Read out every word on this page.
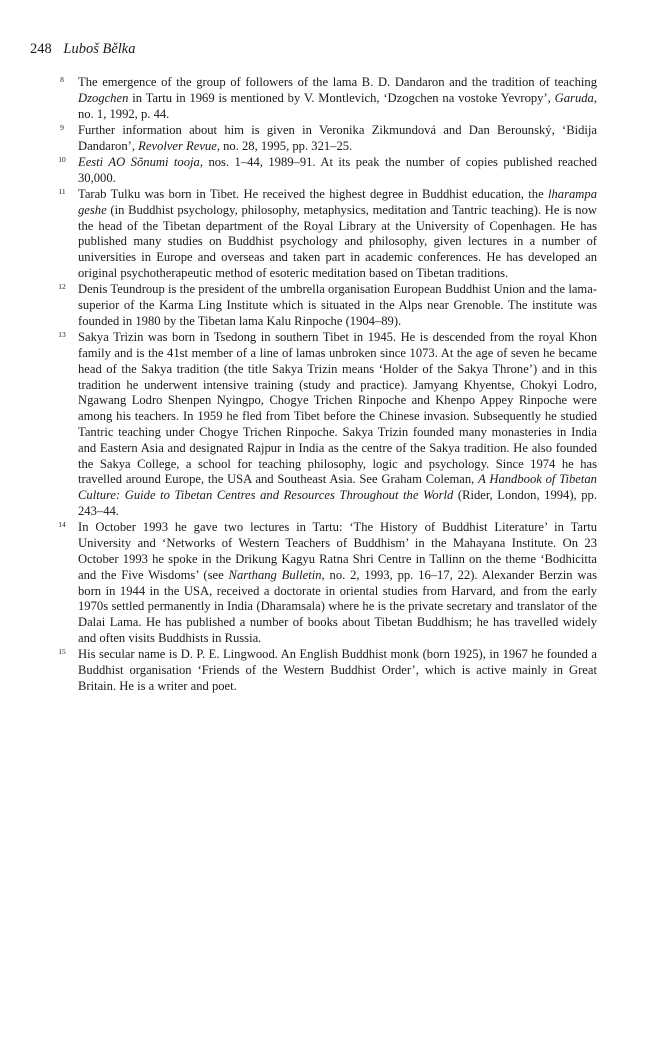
248 Luboš Bělka
8	The emergence of the group of followers of the lama B. D. Dandaron and the tradition of teaching Dzogchen in Tartu in 1969 is mentioned by V. Montlevich, ‘Dzogchen na vostoke Yevropy’, Garuda, no. 1, 1992, p. 44.
9	Further information about him is given in Veronika Zikmundová and Dan Berounský, ‘Bidija Dandaron’, Revolver Revue, no. 28, 1995, pp. 321–25.
10 Eesti AO Sõnumi tooja, nos. 1–44, 1989–91. At its peak the number of copies published reached 30,000.
11 Tarab Tulku was born in Tibet. He received the highest degree in Buddhist education, the lharampa geshe (in Buddhist psychology, philosophy, metaphysics, meditation and Tantric teaching). He is now the head of the Tibetan department of the Royal Library at the University of Copenhagen. He has published many studies on Buddhist psychology and philosophy, given lectures in a number of universities in Europe and overseas and taken part in academic conferences. He has developed an original psychotherapeutic method of esoteric meditation based on Tibetan traditions.
12 Denis Teundroup is the president of the umbrella organisation European Buddhist Union and the lama-superior of the Karma Ling Institute which is situated in the Alps near Grenoble. The institute was founded in 1980 by the Tibetan lama Kalu Rinpoche (1904–89).
13 Sakya Trizin was born in Tsedong in southern Tibet in 1945. He is descended from the royal Khon family and is the 41st member of a line of lamas unbroken since 1073. At the age of seven he became head of the Sakya tradition (the title Sakya Trizin means ‘Holder of the Sakya Throne’) and in this tradition he underwent intensive training (study and practice). Jamyang Khyentse, Chokyi Lodro, Ngawang Lodro Shenpen Nyingpo, Chogye Trichen Rinpoche and Khenpo Appey Rinpoche were among his teachers. In 1959 he fled from Tibet before the Chinese invasion. Subsequently he studied Tantric teaching under Chogye Trichen Rinpoche. Sakya Trizin founded many monasteries in India and Eastern Asia and designated Rajpur in India as the centre of the Sakya tradition. He also founded the Sakya College, a school for teaching philosophy, logic and psychology. Since 1974 he has travelled around Europe, the USA and Southeast Asia. See Graham Coleman, A Handbook of Tibetan Culture: Guide to Tibetan Centres and Resources Throughout the World (Rider, London, 1994), pp. 243–44.
14 In October 1993 he gave two lectures in Tartu: ‘The History of Buddhist Literature’ in Tartu University and ‘Networks of Western Teachers of Buddhism’ in the Mahayana Institute. On 23 October 1993 he spoke in the Drikung Kagyu Ratna Shri Centre in Tallinn on the theme ‘Bodhicitta and the Five Wisdoms’ (see Narthang Bulletin, no. 2, 1993, pp. 16–17, 22). Alexander Berzin was born in 1944 in the USA, received a doctorate in oriental studies from Harvard, and from the early 1970s settled permanently in India (Dharamsala) where he is the private secretary and translator of the Dalai Lama. He has published a number of books about Tibetan Buddhism; he has travelled widely and often visits Buddhists in Russia.
15 His secular name is D. P. E. Lingwood. An English Buddhist monk (born 1925), in 1967 he founded a Buddhist organisation ‘Friends of the Western Buddhist Order’, which is active mainly in Great Britain. He is a writer and poet.
